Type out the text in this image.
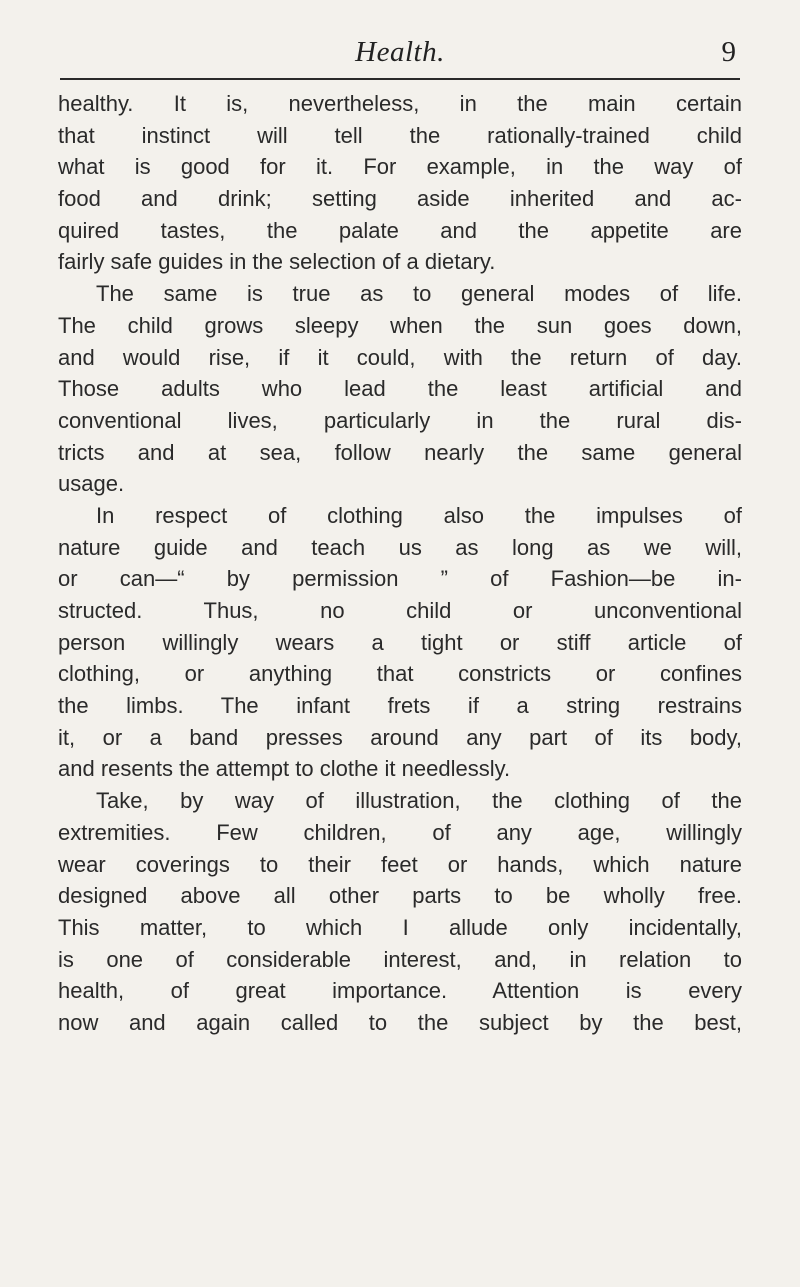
Health.	9
healthy. It is, nevertheless, in the main certain
that instinct will tell the rationally-trained child
what is good for it. For example, in the way of
food and drink; setting aside inherited and ac-
quired tastes, the palate and the appetite are
fairly safe guides in the selection of a dietary.
The same is true as to general modes of life.
The child grows sleepy when the sun goes down,
and would rise, if it could, with the return of day.
Those adults who lead the least artificial and
conventional lives, particularly in the rural dis-
tricts and at sea, follow nearly the same general
usage.
In respect of clothing also the impulses of
nature guide and teach us as long as we will,
or can—“ by permission ” of Fashion—be in-
structed. Thus, no child or unconventional
person willingly wears a tight or stiff article of
clothing, or anything that constricts or confines
the limbs. The infant frets if a string restrains
it, or a band presses around any part of its body,
and resents the attempt to clothe it needlessly.
Take, by way of illustration, the clothing of the
extremities. Few children, of any age, willingly
wear coverings to their feet or hands, which nature
designed above all other parts to be wholly free.
This matter, to which I allude only incidentally,
is one of considerable interest, and, in relation to
health, of great importance. Attention is every
now and again called to the subject by the best,
